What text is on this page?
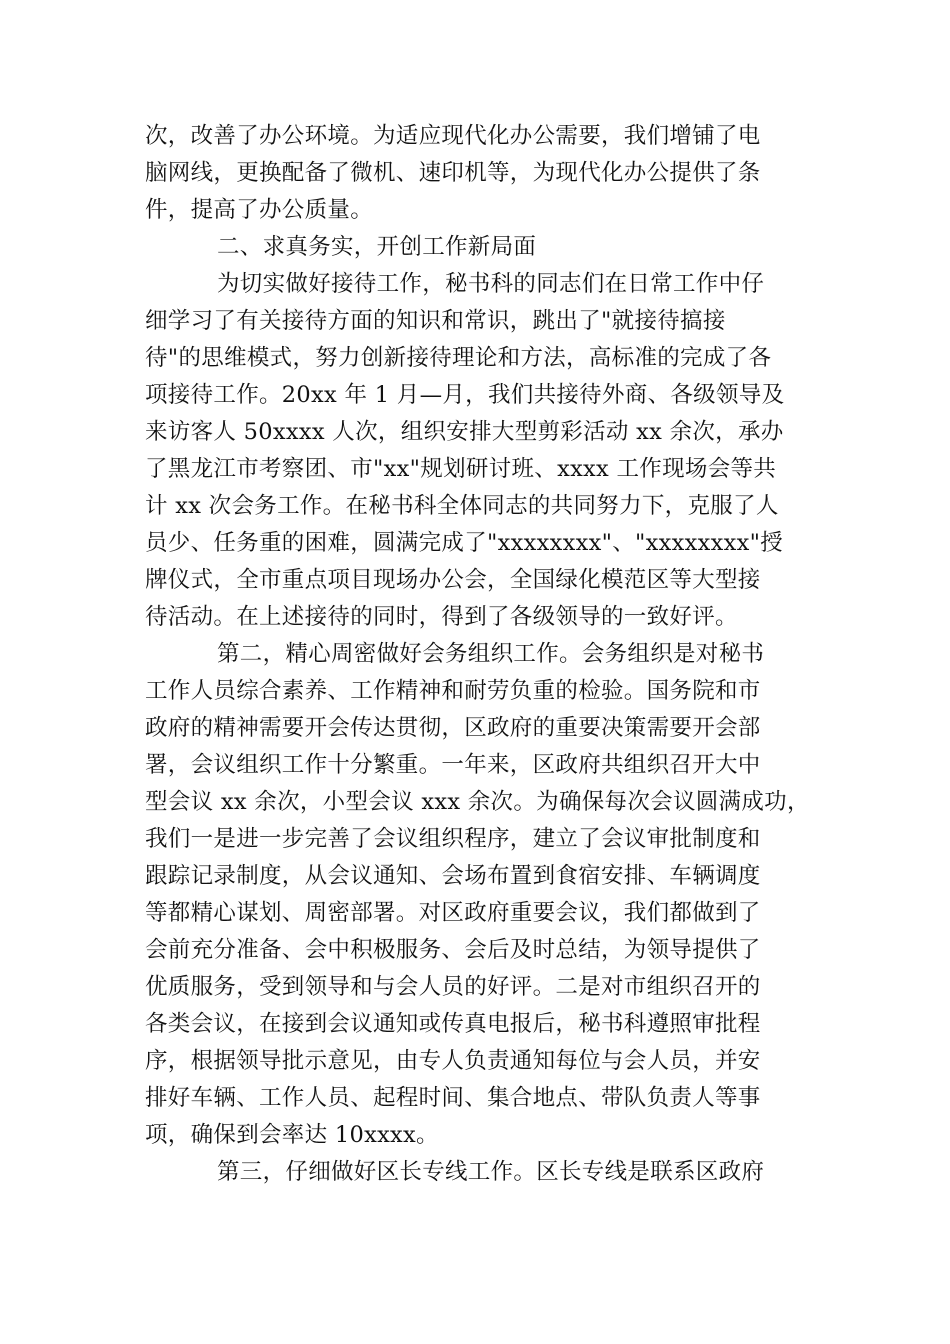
次，改善了办公环境。为适应现代化办公需要，我们增铺了电
脑网线，更换配备了微机、速印机等，为现代化办公提供了条
件，提高了办公质量。
二、求真务实，开创工作新局面
为切实做好接待工作，秘书科的同志们在日常工作中仔
细学习了有关接待方面的知识和常识，跳出了"就接待搞接
待"的思维模式，努力创新接待理论和方法，高标准的完成了各
项接待工作。20xx 年 1 月—月，我们共接待外商、各级领导及
来访客人 50xxxx 人次，组织安排大型剪彩活动 xx 余次，承办
了黑龙江市考察团、市"xx"规划研讨班、xxxx 工作现场会等共
计 xx 次会务工作。在秘书科全体同志的共同努力下，克服了人
员少、任务重的困难，圆满完成了"xxxxxxxx"、"xxxxxxxx"授
牌仪式，全市重点项目现场办公会，全国绿化模范区等大型接
待活动。在上述接待的同时，得到了各级领导的一致好评。
第二，精心周密做好会务组织工作。会务组织是对秘书
工作人员综合素养、工作精神和耐劳负重的检验。国务院和市
政府的精神需要开会传达贯彻，区政府的重要决策需要开会部
署，会议组织工作十分繁重。一年来，区政府共组织召开大中
型会议 xx 余次，小型会议 xxx 余次。为确保每次会议圆满成功，
我们一是进一步完善了会议组织程序，建立了会议审批制度和
跟踪记录制度，从会议通知、会场布置到食宿安排、车辆调度
等都精心谋划、周密部署。对区政府重要会议，我们都做到了
会前充分准备、会中积极服务、会后及时总结，为领导提供了
优质服务，受到领导和与会人员的好评。二是对市组织召开的
各类会议，在接到会议通知或传真电报后，秘书科遵照审批程
序，根据领导批示意见，由专人负责通知每位与会人员，并安
排好车辆、工作人员、起程时间、集合地点、带队负责人等事
项，确保到会率达 10xxxx。
第三，仔细做好区长专线工作。区长专线是联系区政府
